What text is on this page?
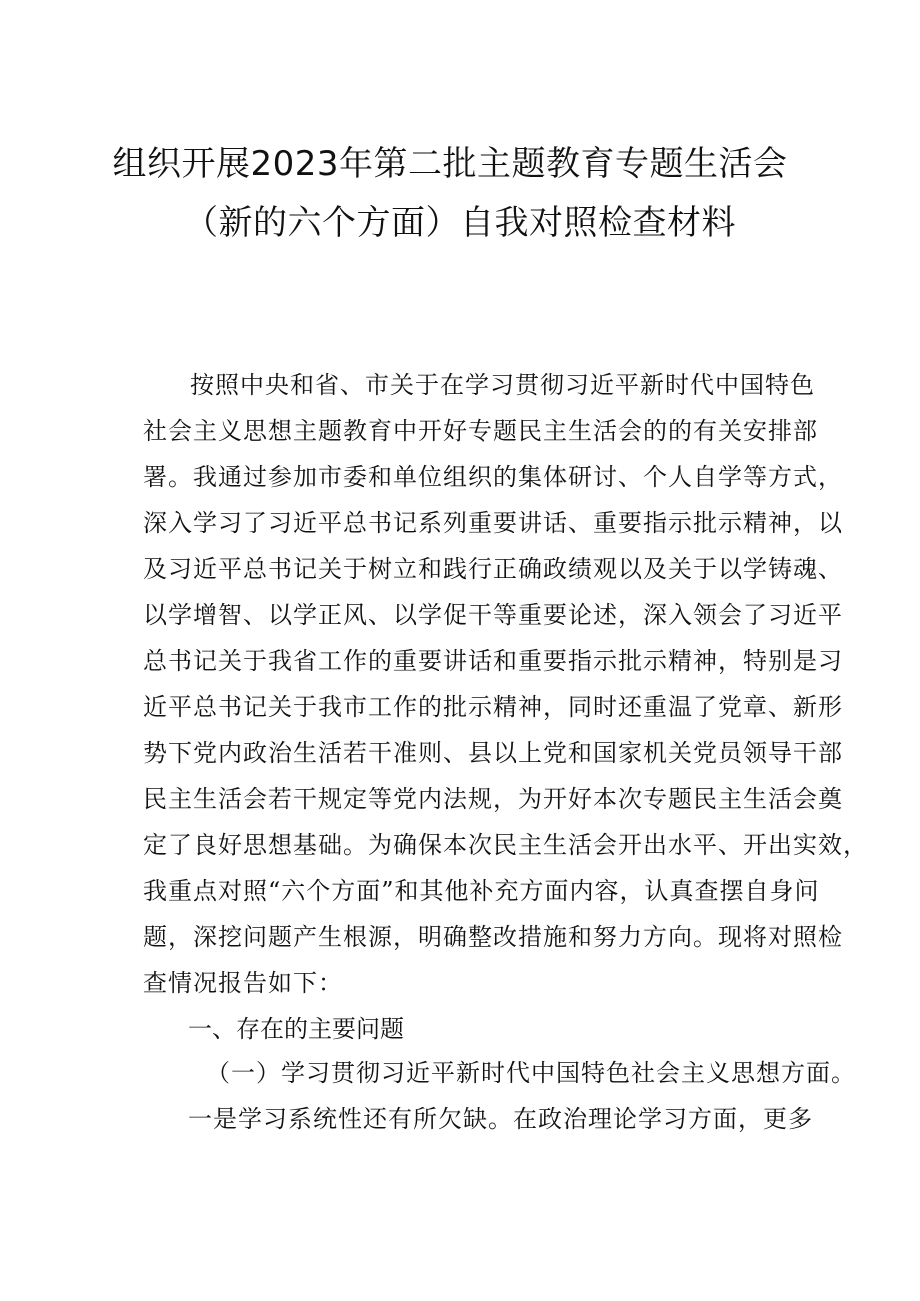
组织开展2023年第二批主题教育专题生活会
（新的六个方面）自我对照检查材料
按照中央和省、市关于在学习贯彻习近平新时代中国特色
社会主义思想主题教育中开好专题民主生活会的的有关安排部
署。我通过参加市委和单位组织的集体研讨、个人自学等方式，
深入学习了习近平总书记系列重要讲话、重要指示批示精神，以
及习近平总书记关于树立和践行正确政绩观以及关于以学铸魂、
以学增智、以学正风、以学促干等重要论述，深入领会了习近平
总书记关于我省工作的重要讲话和重要指示批示精神，特别是习
近平总书记关于我市工作的批示精神，同时还重温了党章、新形
势下党内政治生活若干准则、县以上党和国家机关党员领导干部
民主生活会若干规定等党内法规，为开好本次专题民主生活会奠
定了良好思想基础。为确保本次民主生活会开出水平、开出实效，
我重点对照“六个方面”和其他补充方面内容，认真查摆自身问
题，深挖问题产生根源，明确整改措施和努力方向。现将对照检
查情况报告如下：
一、存在的主要问题
（一）学习贯彻习近平新时代中国特色社会主义思想方面。
一是学习系统性还有所欠缺。在政治理论学习方面，更多
